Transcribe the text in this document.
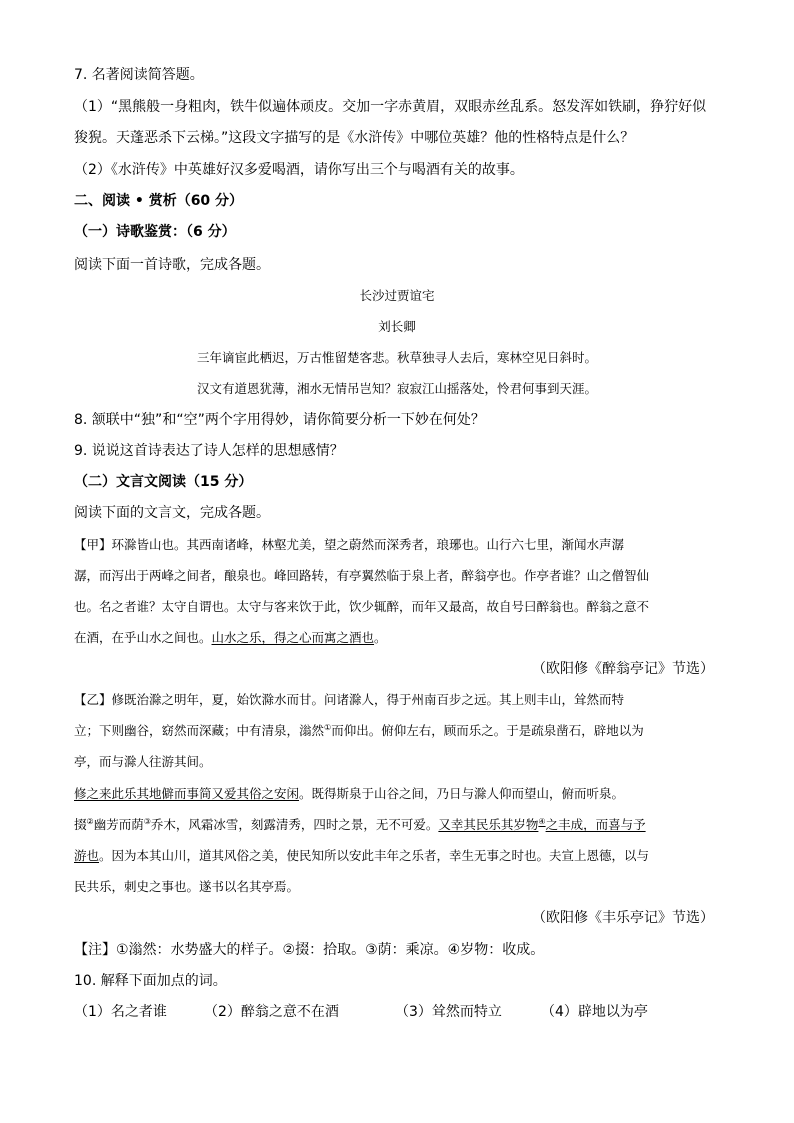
7. 名著阅读简答题。
（1）“黑熊般一身粗肉，铁牛似遍体顽皮。交加一字赤黄眉，双眼赤丝乱系。怒发浑如铁刷，狰狞好似
狻猊。天蓬恶杀下云梯。”这段文字描写的是《水浒传》中哪位英雄？他的性格特点是什么？
（2）《水浒传》中英雄好汉多爱喝酒，请你写出三个与喝酒有关的故事。
二、阅读 • 赏析（60 分）
（一）诗歌鉴赏：（6 分）
阅读下面一首诗歌，完成各题。
长沙过贾谊宅
刘长卿
三年谪宦此栖迟，万古惟留楚客悲。秋草独寻人去后，寒林空见日斜时。
汉文有道恩犹薄，湘水无情吊岂知？寂寂江山摇落处，怜君何事到天涯。
8. 颔联中“独”和“空”两个字用得妙，请你简要分析一下妙在何处？
9. 说说这首诗表达了诗人怎样的思想感情？
（二）文言文阅读（15 分）
阅读下面的文言文，完成各题。
【甲】环滁皆山也。其西南诸峰，林壑尤美，望之蔚然而深秀者，琅琊也。山行六七里，渐闻水声潺
潺，而泻出于两峰之间者，酿泉也。峰回路转，有亭翼然临于泉上者，醉翁亭也。作亭者谁？山之僧智仙
也。名之者谁？太守自谓也。太守与客来饮于此，饮少辄醉，而年又最高，故自号曰醉翁也。醉翁之意不
在酒，在乎山水之间也。山水之乐，得之心而寓之酒也。
（欧阳修《醉翁亭记》节选）
【乙】修既治滁之明年，夏，始饮滁水而甘。问诸滁人，得于州南百步之远。其上则丰山，耸然而特
立；下则幽谷，窈然而深藏；中有清泉，滃然①而仰出。俯仰左右，顾而乐之。于是疏泉凿石，辟地以为
亭，而与滁人往游其间。
修之来此乐其地僻而事简又爱其俗之安闲。既得斯泉于山谷之间，乃日与滁人仰而望山，俯而听泉。
掇②幽芳而荫③乔木，风霜冰雪，刻露清秀，四时之景，无不可爱。又幸其民乐其岁物④之丰成，而喜与予
游也。因为本其山川，道其风俗之美，使民知所以安此丰年之乐者，幸生无事之时也。夫宣上恩德，以与
民共乐，刺史之事也。遂书以名其亭焉。
（欧阳修《丰乐亭记》节选）
【注】①滃然：水势盛大的样子。②掇：拾取。③荫：乘凉。④岁物：收成。
10. 解释下面加点的词。
（1）名之者谁	（2）醉翁之意不在酒	（3）耸然而特立	（4）辟地以为亭
